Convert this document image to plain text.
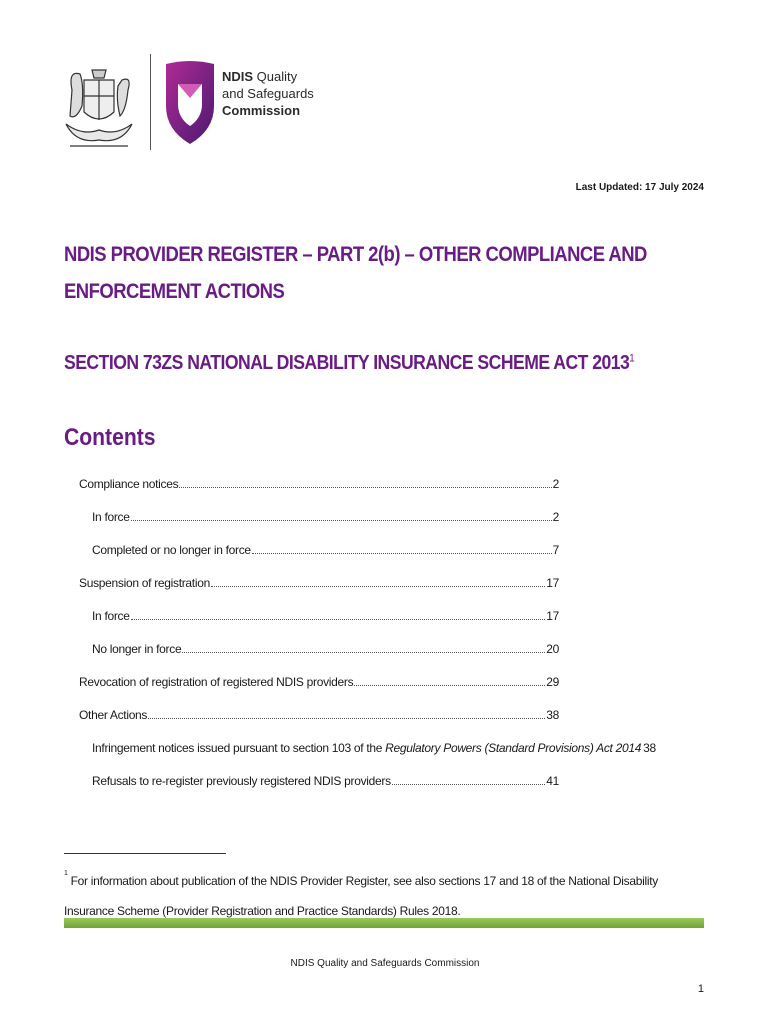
NDIS Quality
and Safeguards
Commission
Last Updated: 17 July 2024
NDIS PROVIDER REGISTER – PART 2(b) – OTHER COMPLIANCE AND ENFORCEMENT ACTIONS
SECTION 73ZS NATIONAL DISABILITY INSURANCE SCHEME ACT 2013$^1$
Contents
Compliance notices	2
In force	2
Completed or no longer in force	7
Suspension of registration	17
In force	17
No longer in force	20
Revocation of registration of registered NDIS providers	29
Other Actions	38
Infringement notices issued pursuant to section 103 of the Regulatory Powers (Standard Provisions) Act 2014 38
Refusals to re-register previously registered NDIS providers	41
$^1$ For information about publication of the NDIS Provider Register, see also sections 17 and 18 of the National Disability Insurance Scheme (Provider Registration and Practice Standards) Rules 2018.
NDIS Quality and Safeguards Commission
1
